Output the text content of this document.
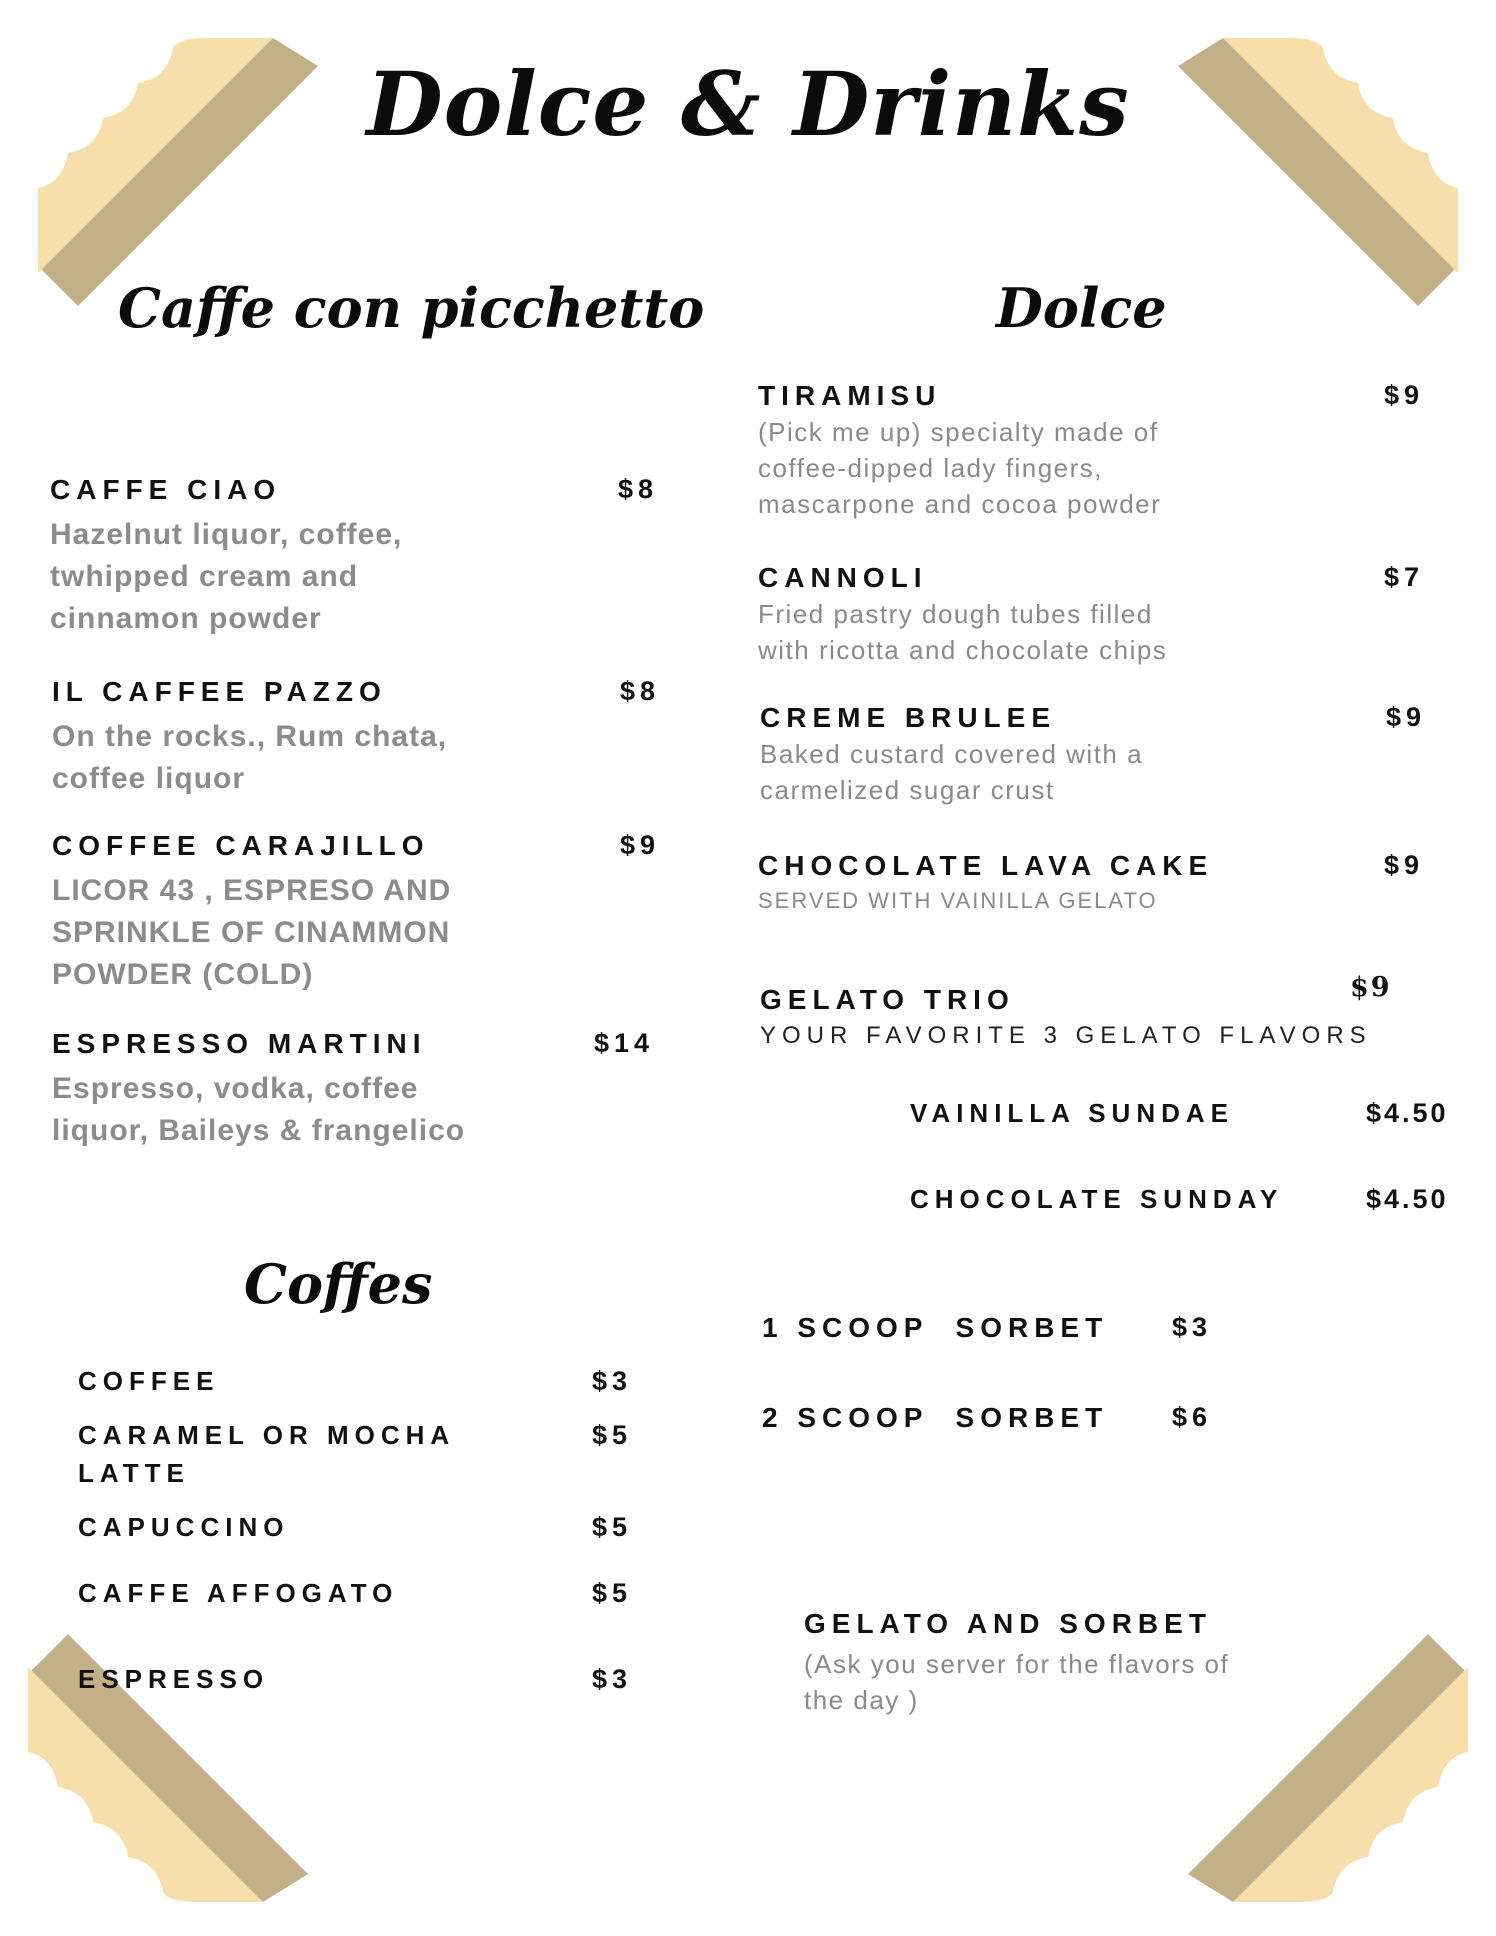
Dolce & Drinks
Caffe con picchetto
CAFFE CIAO	$8
Hazelnut liquor, coffee,
twhipped cream and
cinnamon powder
IL CAFFEE PAZZO	$8
On the rocks., Rum chata,
coffee liquor
COFFEE CARAJILLO	$9
LICOR 43 , ESPRESO AND
SPRINKLE OF CINAMMON
POWDER (COLD)
ESPRESSO MARTINI	$14
Espresso, vodka, coffee
liquor, Baileys & frangelico
Coffes
COFFEE	$3
CARAMEL OR MOCHA
LATTE
$5
CAPUCCINO	$5
CAFFE AFFOGATO	$5
ESPRESSO	$3
Dolce
TIRAMISU	$9
(Pick me up) specialty made of
coffee-dipped lady fingers,
mascarpone and cocoa powder
CANNOLI	$7
Fried pastry dough tubes filled
with ricotta and chocolate chips
CREME BRULEE	$9
Baked custard covered with a
carmelized sugar crust
CHOCOLATE LAVA CAKE	$9
SERVED WITH VAINILLA GELATO
GELATO TRIO	$9
YOUR FAVORITE 3 GELATO FLAVORS
VAINILLA SUNDAE	$4.50
CHOCOLATE SUNDAY	$4.50
1 SCOOP  SORBET $3
2 SCOOP  SORBET $6
GELATO AND SORBET
(Ask you server for the flavors of
the day )
